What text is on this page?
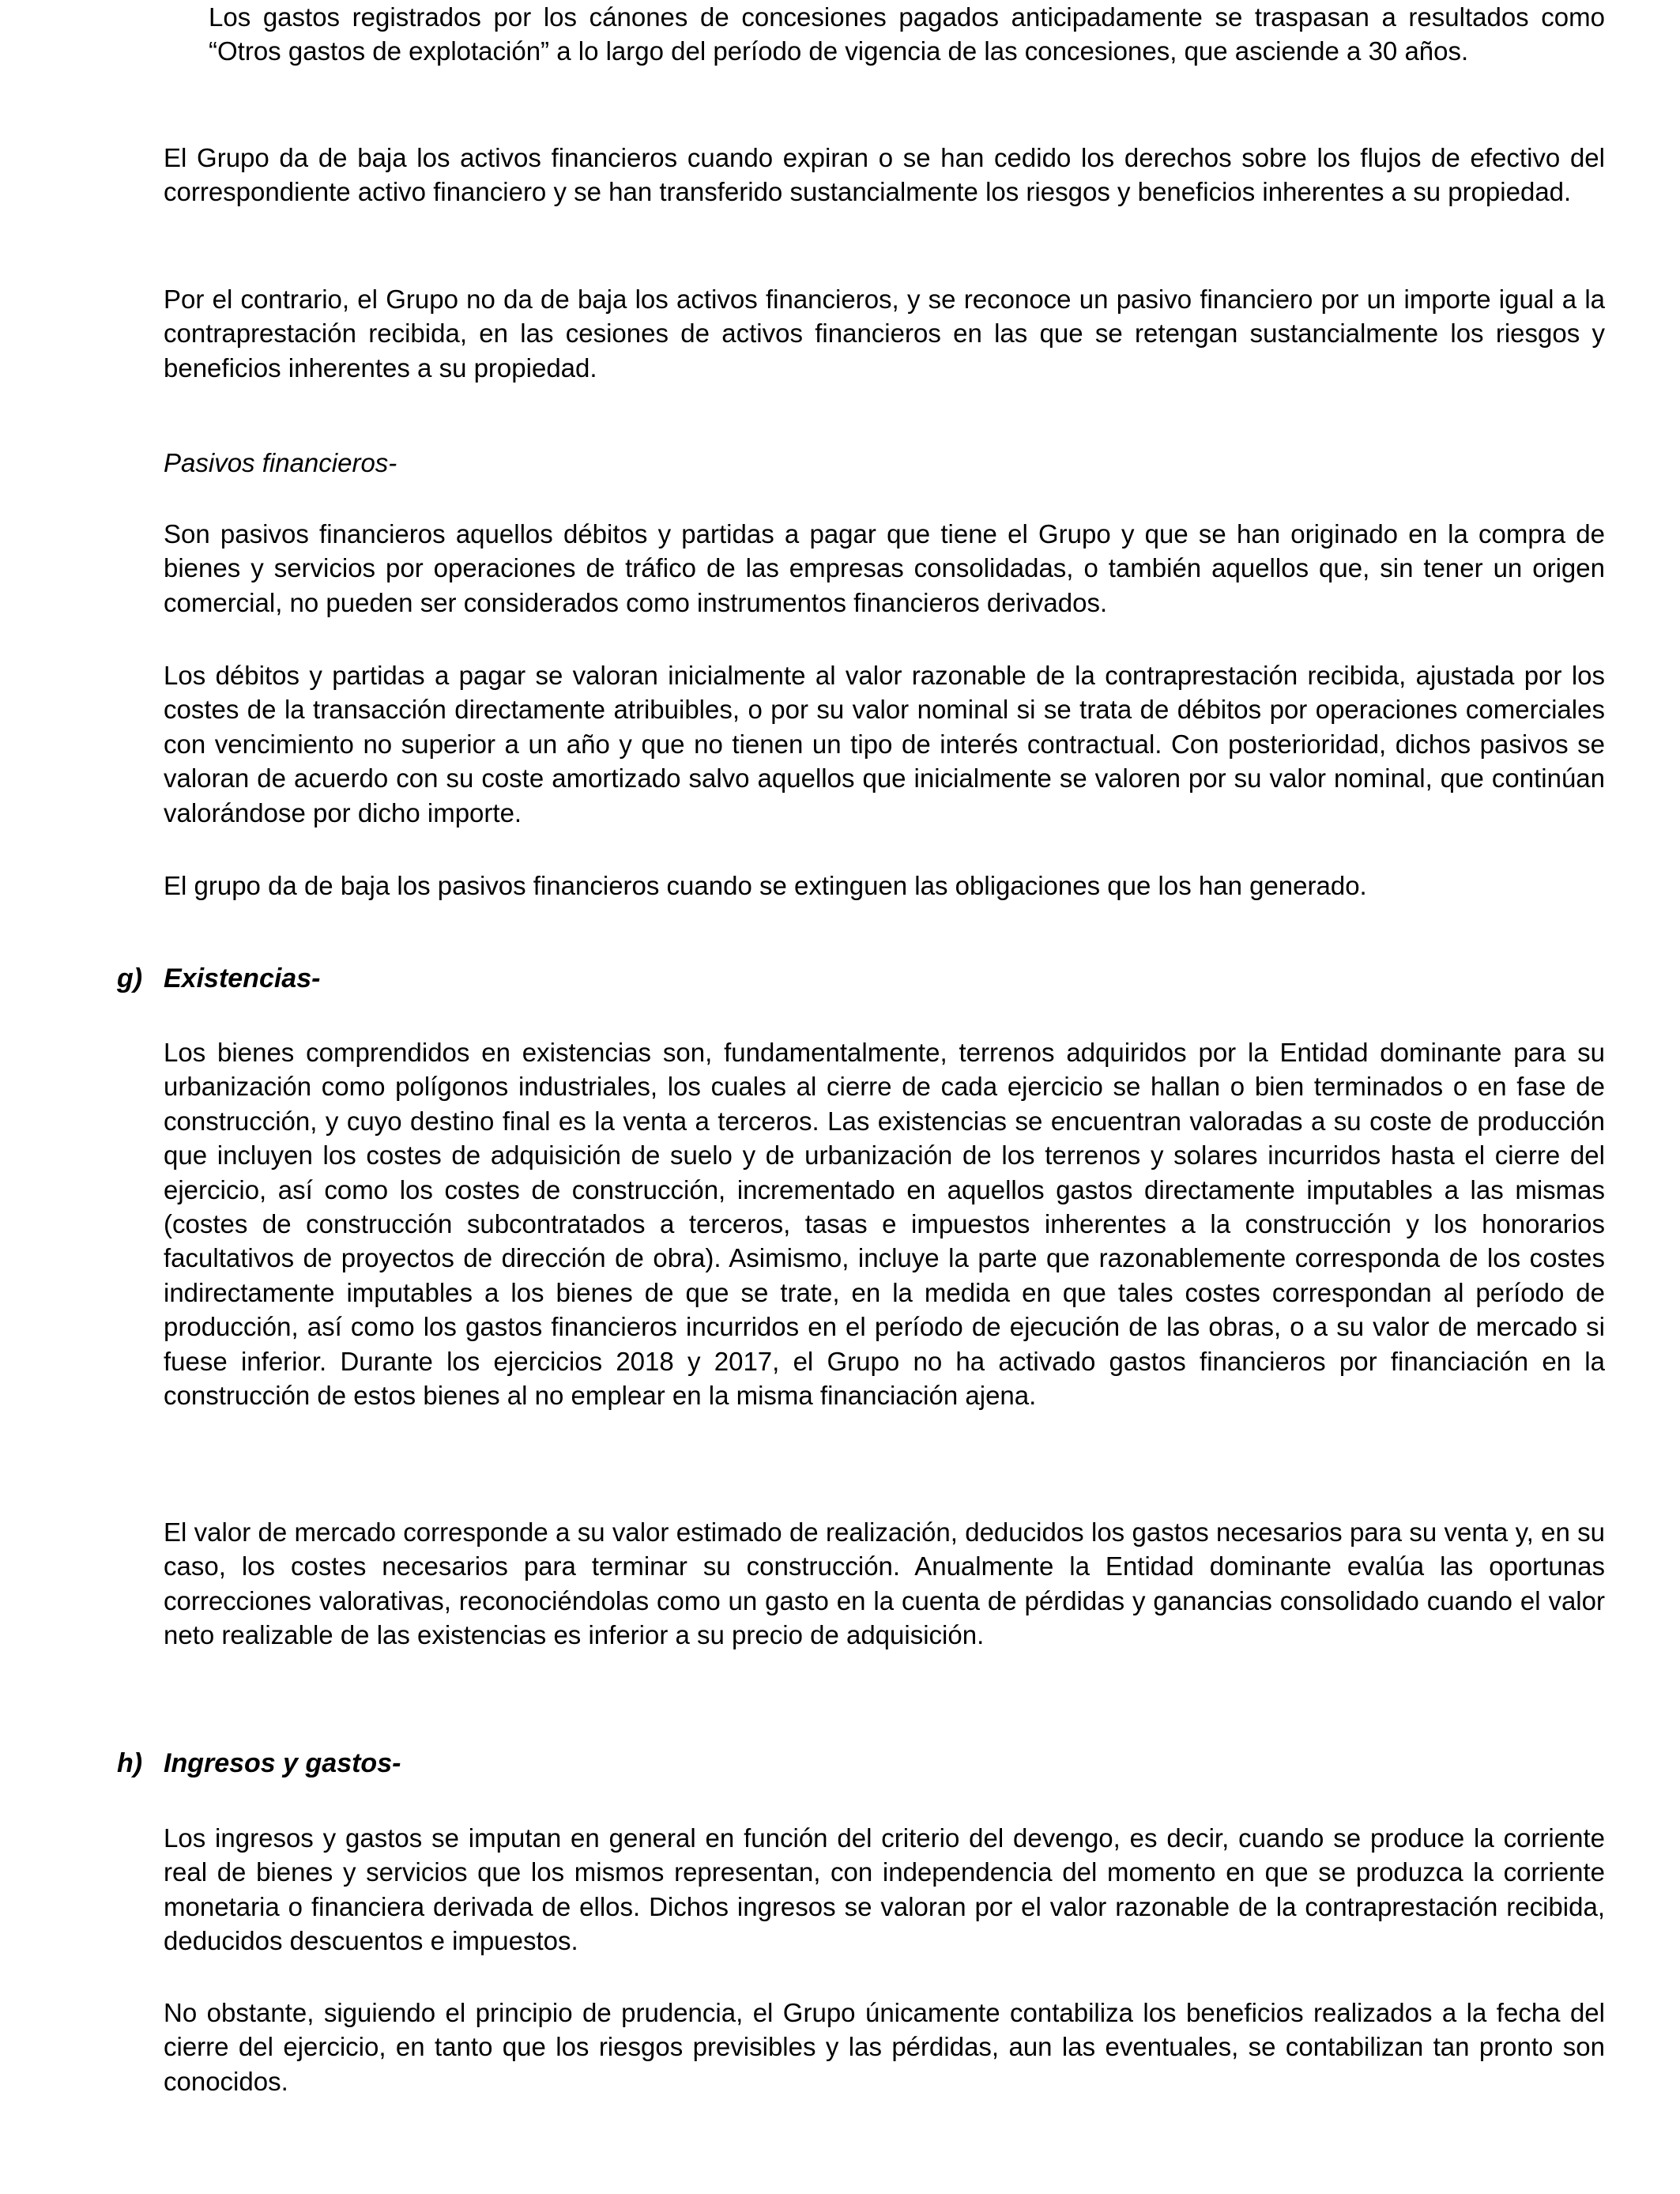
Los gastos registrados por los cánones de concesiones pagados anticipadamente se traspasan a resultados como “Otros gastos de explotación” a lo largo del período de vigencia de las concesiones, que asciende a 30 años.

El Grupo da de baja los activos financieros cuando expiran o se han cedido los derechos sobre los flujos de efectivo del correspondiente activo financiero y se han transferido sustancialmente los riesgos y beneficios inherentes a su propiedad.

Por el contrario, el Grupo no da de baja los activos financieros, y se reconoce un pasivo financiero por un importe igual a la contraprestación recibida, en las cesiones de activos financieros en las que se retengan sustancialmente los riesgos y beneficios inherentes a su propiedad.

Pasivos financieros-

Son pasivos financieros aquellos débitos y partidas a pagar que tiene el Grupo y que se han originado en la compra de bienes y servicios por operaciones de tráfico de las empresas consolidadas, o también aquellos que, sin tener un origen comercial, no pueden ser considerados como instrumentos financieros derivados.

Los débitos y partidas a pagar se valoran inicialmente al valor razonable de la contraprestación recibida, ajustada por los costes de la transacción directamente atribuibles, o por su valor nominal si se trata de débitos por operaciones comerciales con vencimiento no superior a un año y que no tienen un tipo de interés contractual. Con posterioridad, dichos pasivos se valoran de acuerdo con su coste amortizado salvo aquellos que inicialmente se valoren por su valor nominal, que continúan valorándose por dicho importe.

El grupo da de baja los pasivos financieros cuando se extinguen las obligaciones que los han generado.

g) Existencias-

Los bienes comprendidos en existencias son, fundamentalmente, terrenos adquiridos por la Entidad dominante para su urbanización como polígonos industriales, los cuales al cierre de cada ejercicio se hallan o bien terminados o en fase de construcción, y cuyo destino final es la venta a terceros. Las existencias se encuentran valoradas a su coste de producción que incluyen los costes de adquisición de suelo y de urbanización de los terrenos y solares incurridos hasta el cierre del ejercicio, así como los costes de construcción, incrementado en aquellos gastos directamente imputables a las mismas (costes de construcción subcontratados a terceros, tasas e impuestos inherentes a la construcción y los honorarios facultativos de proyectos de dirección de obra). Asimismo, incluye la parte que razonablemente corresponda de los costes indirectamente imputables a los bienes de que se trate, en la medida en que tales costes correspondan al período de producción, así como los gastos financieros incurridos en el período de ejecución de las obras, o a su valor de mercado si fuese inferior. Durante los ejercicios 2018 y 2017, el Grupo no ha activado gastos financieros por financiación en la construcción de estos bienes al no emplear en la misma financiación ajena.

El valor de mercado corresponde a su valor estimado de realización, deducidos los gastos necesarios para su venta y, en su caso, los costes necesarios para terminar su construcción. Anualmente la Entidad dominante evalúa las oportunas correcciones valorativas, reconociéndolas como un gasto en la cuenta de pérdidas y ganancias consolidado cuando el valor neto realizable de las existencias es inferior a su precio de adquisición.

h) Ingresos y gastos-

Los ingresos y gastos se imputan en general en función del criterio del devengo, es decir, cuando se produce la corriente real de bienes y servicios que los mismos representan, con independencia del momento en que se produzca la corriente monetaria o financiera derivada de ellos. Dichos ingresos se valoran por el valor razonable de la contraprestación recibida, deducidos descuentos e impuestos.

No obstante, siguiendo el principio de prudencia, el Grupo únicamente contabiliza los beneficios realizados a la fecha del cierre del ejercicio, en tanto que los riesgos previsibles y las pérdidas, aun las eventuales, se contabilizan tan pronto son conocidos.
